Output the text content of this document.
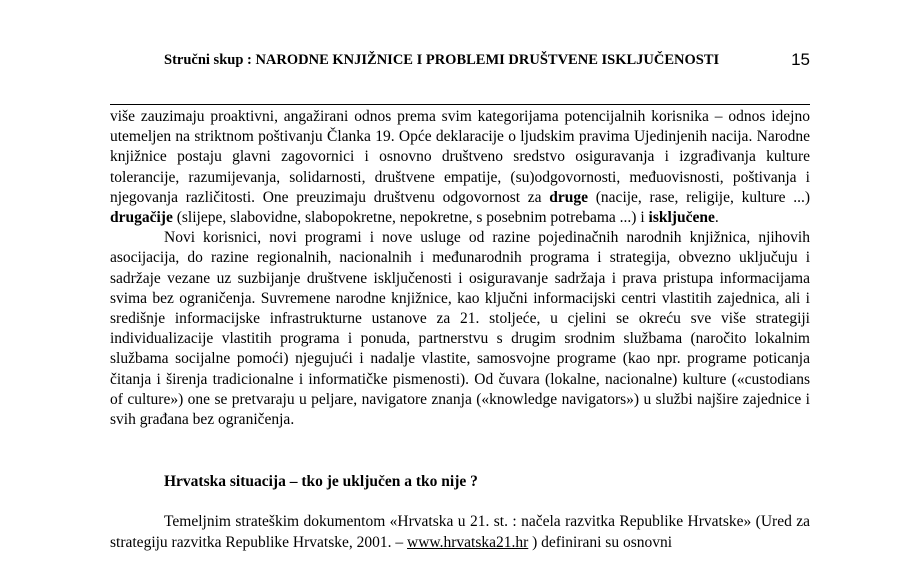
Stručni skup : NARODNE KNJIŽNICE I PROBLEMI DRUŠTVENE ISKLJUČENOSTI	15

više zauzimaju proaktivni, angažirani odnos prema svim kategorijama potencijalnih korisnika – odnos idejno utemeljen na striktnom poštivanju Članka 19. Opće deklaracije o ljudskim pravima Ujedinjenih nacija. Narodne knjižnice postaju glavni zagovornici i osnovno društveno sredstvo osiguravanja i izgrađivanja kulture tolerancije, razumijevanja, solidarnosti, društvene empatije, (su)odgovornosti, međuovisnosti, poštivanja i njegovanja različitosti. One preuzimaju društvenu odgovornost za druge (nacije, rase, religije, kulture ...) drugačije (slijepe, slabovidne, slabopokretne, nepokretne, s posebnim potrebama ...) i isključene.

Novi korisnici, novi programi i nove usluge od razine pojedinačnih narodnih knjižnica, njihovih asocijacija, do razine regionalnih, nacionalnih i međunarodnih programa i strategija, obvezno uključuju i sadržaje vezane uz suzbijanje društvene isključenosti i osiguravanje sadržaja i prava pristupa informacijama svima bez ograničenja. Suvremene narodne knjižnice, kao ključni informacijski centri vlastitih zajednica, ali i središnje informacijske infrastrukturne ustanove za 21. stoljeće, u cjelini se okreću sve više strategiji individualizacije vlastitih programa i ponuda, partnerstvu s drugim srodnim službama (naročito lokalnim službama socijalne pomoći) njegujući i nadalje vlastite, samosvojne programe (kao npr. programe poticanja čitanja i širenja tradicionalne i informatičke pismenosti). Od čuvara (lokalne, nacionalne) kulture («custodians of culture») one se pretvaraju u peljare, navigatore znanja («knowledge navigators») u službi najšire zajednice i svih građana bez ograničenja.

Hrvatska situacija – tko je uključen a tko nije ?

Temeljnim strateškim dokumentom «Hrvatska u 21. st. : načela razvitka Republike Hrvatske» (Ured za strategiju razvitka Republike Hrvatske, 2001. – www.hrvatska21.hr ) definirani su osnovni
